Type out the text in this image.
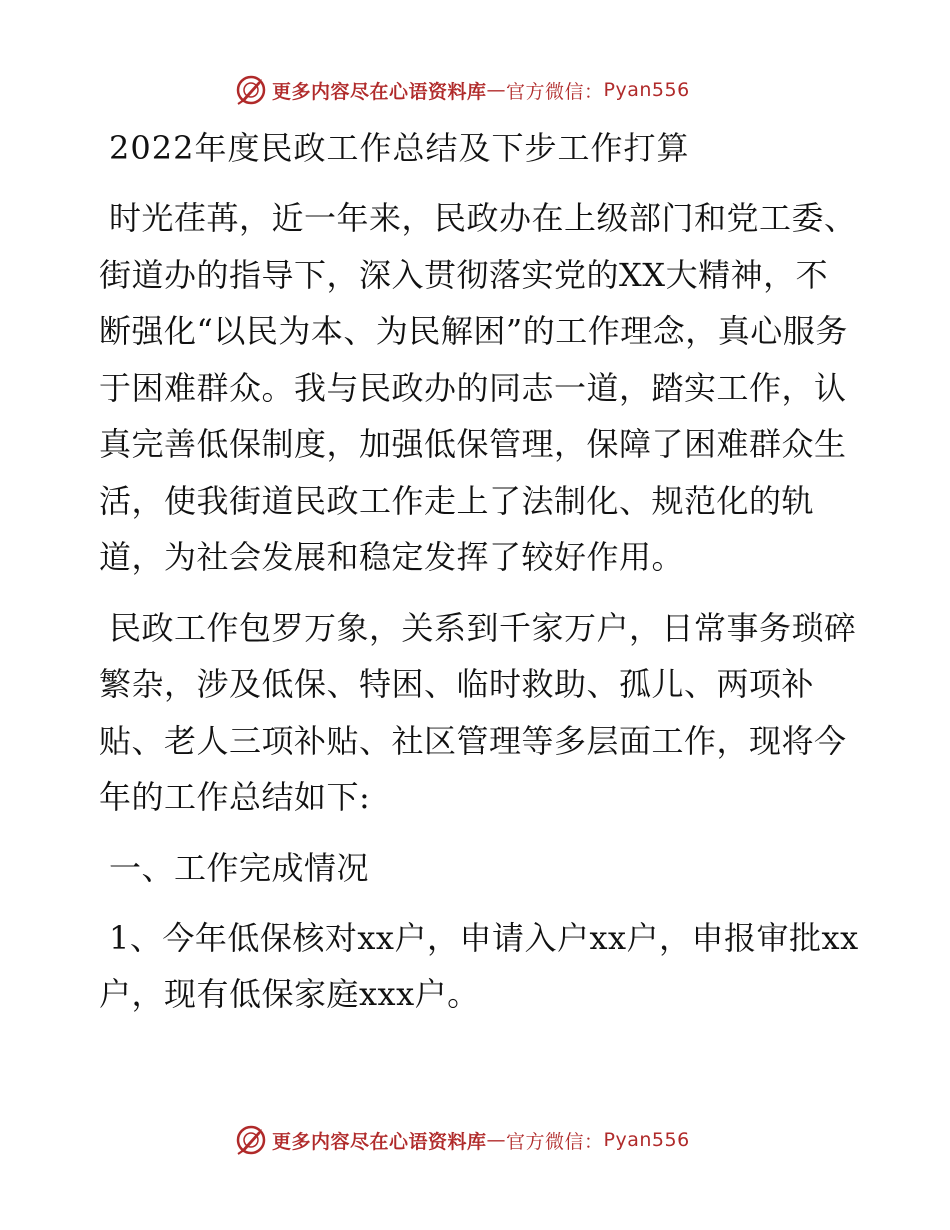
更多内容尽在心语资料库 — 官方微信： Pyan556
2022年度民政工作总结及下步工作打算

时光荏苒，近一年来，民政办在上级部门和党工委、街道办的指导下，深入贯彻落实党的XX大精神，不断强化“以民为本、为民解困”的工作理念，真心服务于困难群众。我与民政办的同志一道，踏实工作，认真完善低保制度，加强低保管理，保障了困难群众生活，使我街道民政工作走上了法制化、规范化的轨道，为社会发展和稳定发挥了较好作用。

民政工作包罗万象，关系到千家万户，日常事务琐碎繁杂，涉及低保、特困、临时救助、孤儿、两项补贴、老人三项补贴、社区管理等多层面工作，现将今年的工作总结如下:

一、工作完成情况

1、今年低保核对xx户，申请入户xx户，申报审批xx户，现有低保家庭xxx户。

更多内容尽在心语资料库 — 官方微信： Pyan556
